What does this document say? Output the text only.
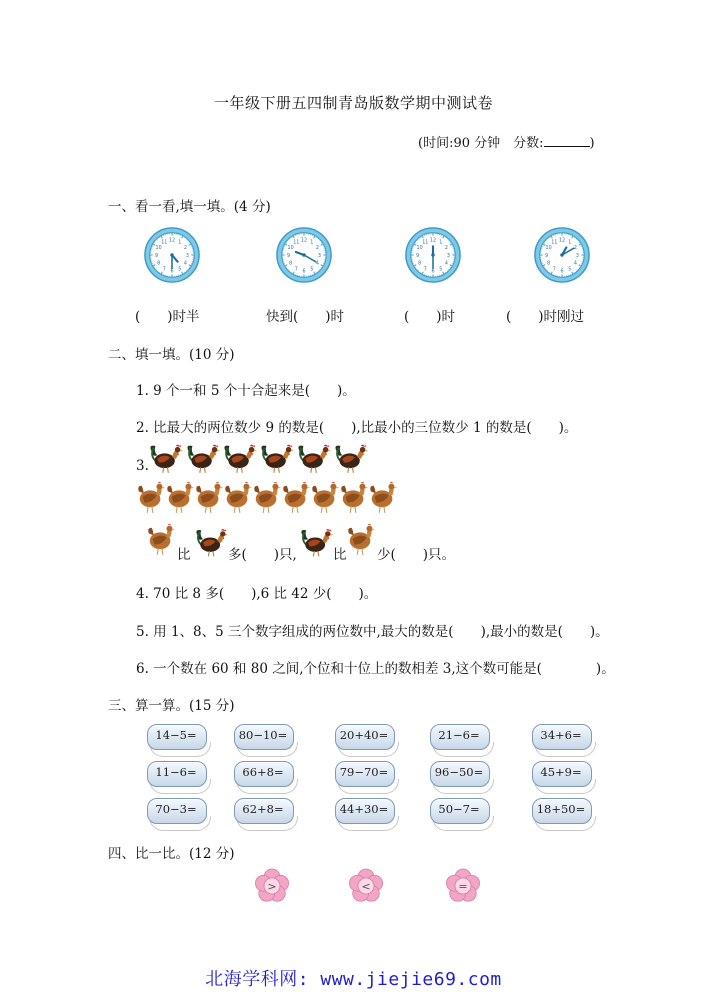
一年级下册五四制青岛版数学期中测试卷
(时间:90 分钟　分数:	)
一、看一看,填一填。(4 分)
1
2
3
4
5
6
7
8
9
10
11 12	1
2
3
4
5
6
7
8
9
10
11 12	1
2
3
4
5
6
7
8
9
10
11 12	1
2
3
4
5
6
7
8
9
10
11 12
(　　)时半	快到(　　)时	(　　)时	(　　)时刚过
二、填一填。(10 分)
1. 9 个一和 5 个十合起来是(　　)。
2. 比最大的两位数少 9 的数是(　　),比最小的三位数少 1 的数是(　　)。
3.
比	多(　　)只,	比 少(　　)只。
4. 70 比 8 多(　　),6 比 42 少(　　)。
5. 用 1、8、5 三个数字组成的两位数中,最大的数是(　　),最小的数是(　　)。
6. 一个数在 60 和 80 之间,个位和十位上的数相差 3,这个数可能是(　　　　)。
三、算一算。(15 分)
14−5=	80−10=	20+40=	21−6=	34+6=
11−6=	66+8=	79−70=	96−50=	45+9=
70−3=	62+8=	44+30=	50−7=	18+50=
四、比一比。(12 分)
>	<	=
北海学科网: www.jiejie69.com
